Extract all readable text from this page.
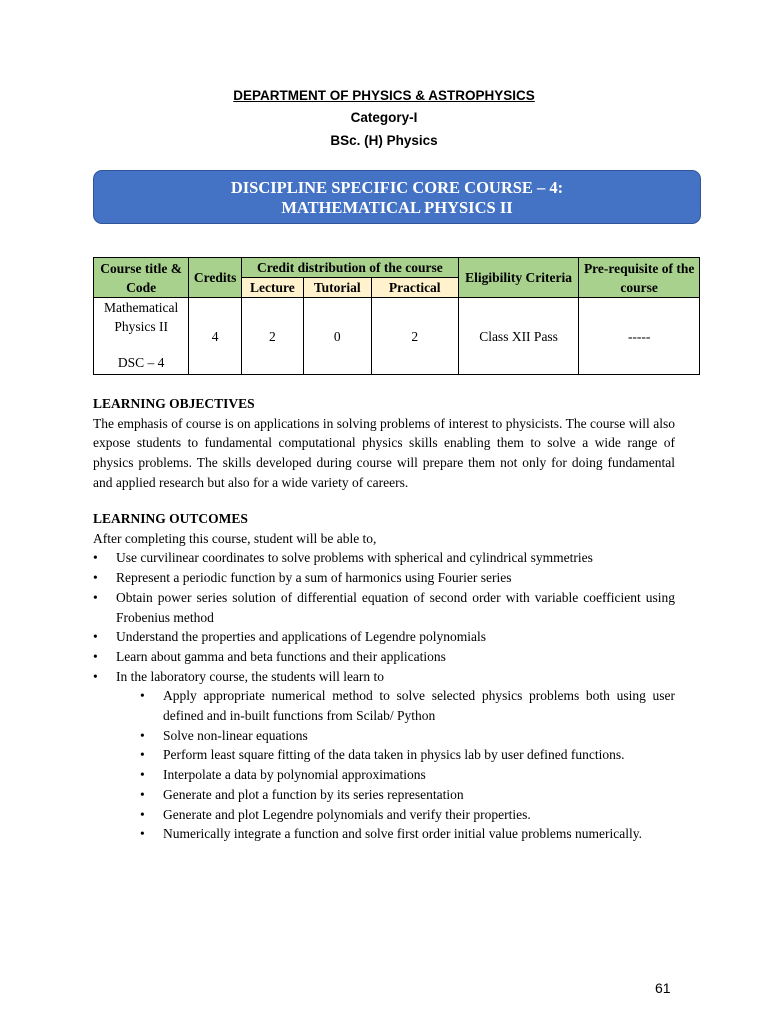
DEPARTMENT OF PHYSICS & ASTROPHYSICS
Category-I
BSc. (H) Physics
DISCIPLINE SPECIFIC CORE COURSE – 4:
MATHEMATICAL PHYSICS II
Course title & Code	Credits	Credit distribution of the course			Eligibility Criteria	Pre-requisite of the course
		Lecture	Tutorial	Practical		

Mathematical Physics II
DSC – 4	4	2	0	2	Class XII Pass	-----
LEARNING OBJECTIVES
The emphasis of course is on applications in solving problems of interest to physicists. The course will also expose students to fundamental computational physics skills enabling them to solve a wide range of physics problems. The skills developed during course will prepare them not only for doing fundamental and applied research but also for a wide variety of careers.
LEARNING OUTCOMES
After completing this course, student will be able to,
• Use curvilinear coordinates to solve problems with spherical and cylindrical symmetries
• Represent a periodic function by a sum of harmonics using Fourier series
• Obtain power series solution of differential equation of second order with variable coefficient using Frobenius method
• Understand the properties and applications of Legendre polynomials
• Learn about gamma and beta functions and their applications
• In the laboratory course, the students will learn to
• Apply appropriate numerical method to solve selected physics problems both using user defined and in-built functions from Scilab/ Python
• Solve non-linear equations
• Perform least square fitting of the data taken in physics lab by user defined functions.
• Interpolate a data by polynomial approximations
• Generate and plot a function by its series representation
• Generate and plot Legendre polynomials and verify their properties.
• Numerically integrate a function and solve first order initial value problems numerically.
61
